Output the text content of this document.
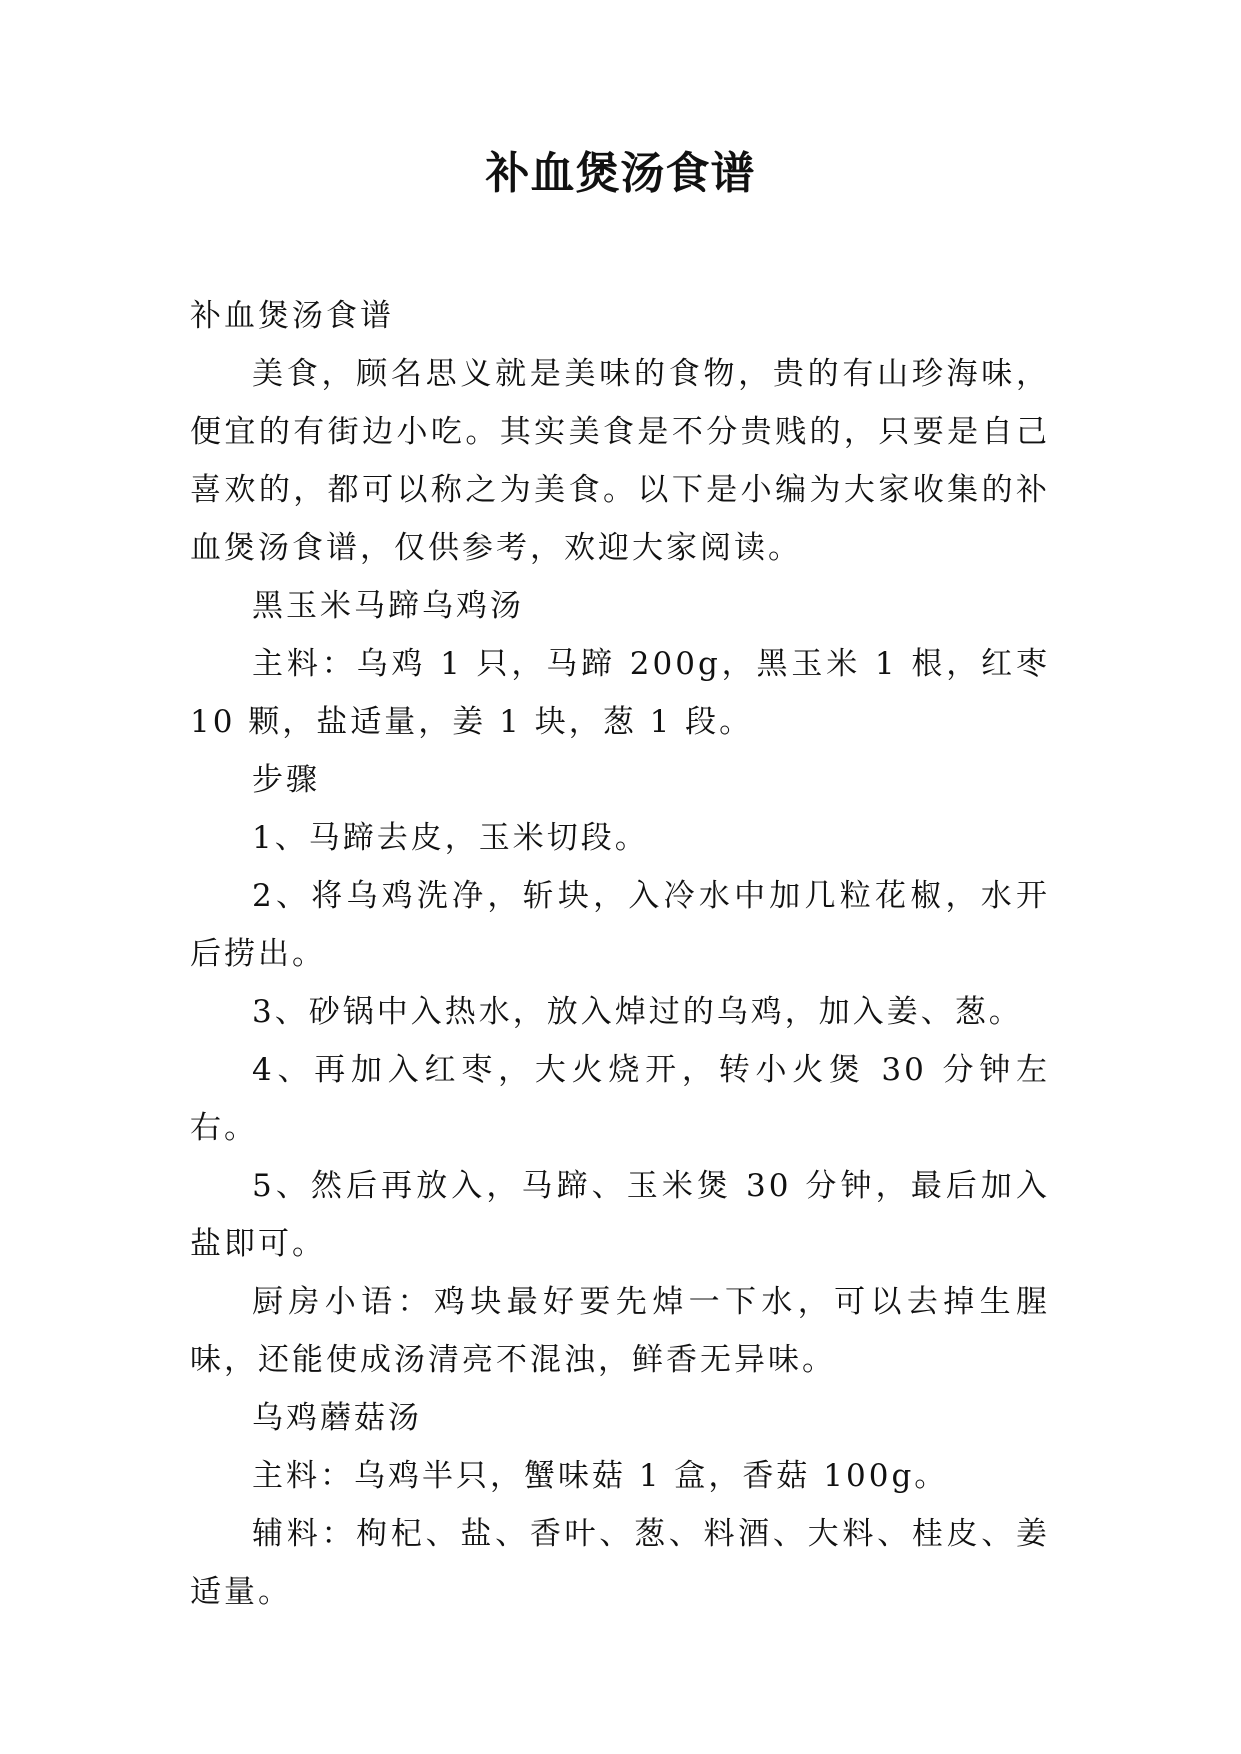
补血煲汤食谱

补血煲汤食谱

美食，顾名思义就是美味的食物，贵的有山珍海味，便宜的有街边小吃。其实美食是不分贵贱的，只要是自己喜欢的，都可以称之为美食。以下是小编为大家收集的补血煲汤食谱，仅供参考，欢迎大家阅读。

黑玉米马蹄乌鸡汤

主料：乌鸡 1 只，马蹄 200g，黑玉米 1 根，红枣 10 颗，盐适量，姜 1 块，葱 1 段。

步骤

1、马蹄去皮，玉米切段。

2、将乌鸡洗净，斩块，入冷水中加几粒花椒，水开后捞出。

3、砂锅中入热水，放入焯过的乌鸡，加入姜、葱。

4、再加入红枣，大火烧开，转小火煲 30 分钟左右。

5、然后再放入，马蹄、玉米煲 30 分钟，最后加入盐即可。

厨房小语：鸡块最好要先焯一下水，可以去掉生腥味，还能使成汤清亮不混浊，鲜香无异味。

乌鸡蘑菇汤

主料：乌鸡半只，蟹味菇 1 盒，香菇 100g。

辅料：枸杞、盐、香叶、葱、料酒、大料、桂皮、姜适量。
